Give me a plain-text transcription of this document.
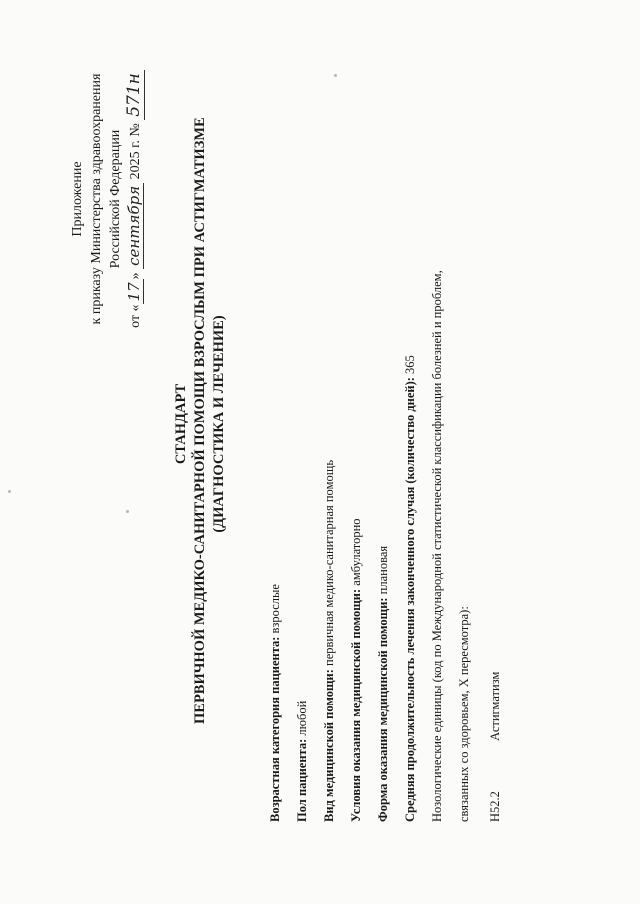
Приложение к приказу Министерства здравоохранения Российской Федерации
от «17» сентября 2025 г. № 571н
СТАНДАРТ ПЕРВИЧНОЙ МЕДИКО-САНИТАРНОЙ ПОМОЩИ ВЗРОСЛЫМ ПРИ АСТИГМАТИЗМЕ (ДИАГНОСТИКА И ЛЕЧЕНИЕ)
Возрастная категория пациента: взрослые
Пол пациента: любой Вид медицинской помощи: первичная медико-санитарная помощь
Условия оказания медицинской помощи: амбулаторно
Форма оказания медицинской помощи: плановая Средняя продолжительность лечения законченного случая (количество дней): 365 Нозологические единицы (код по Международной статистической классификации болезней и проблем, связанных со здоровьем, X пересмотра): H52.2 Астигматизм
